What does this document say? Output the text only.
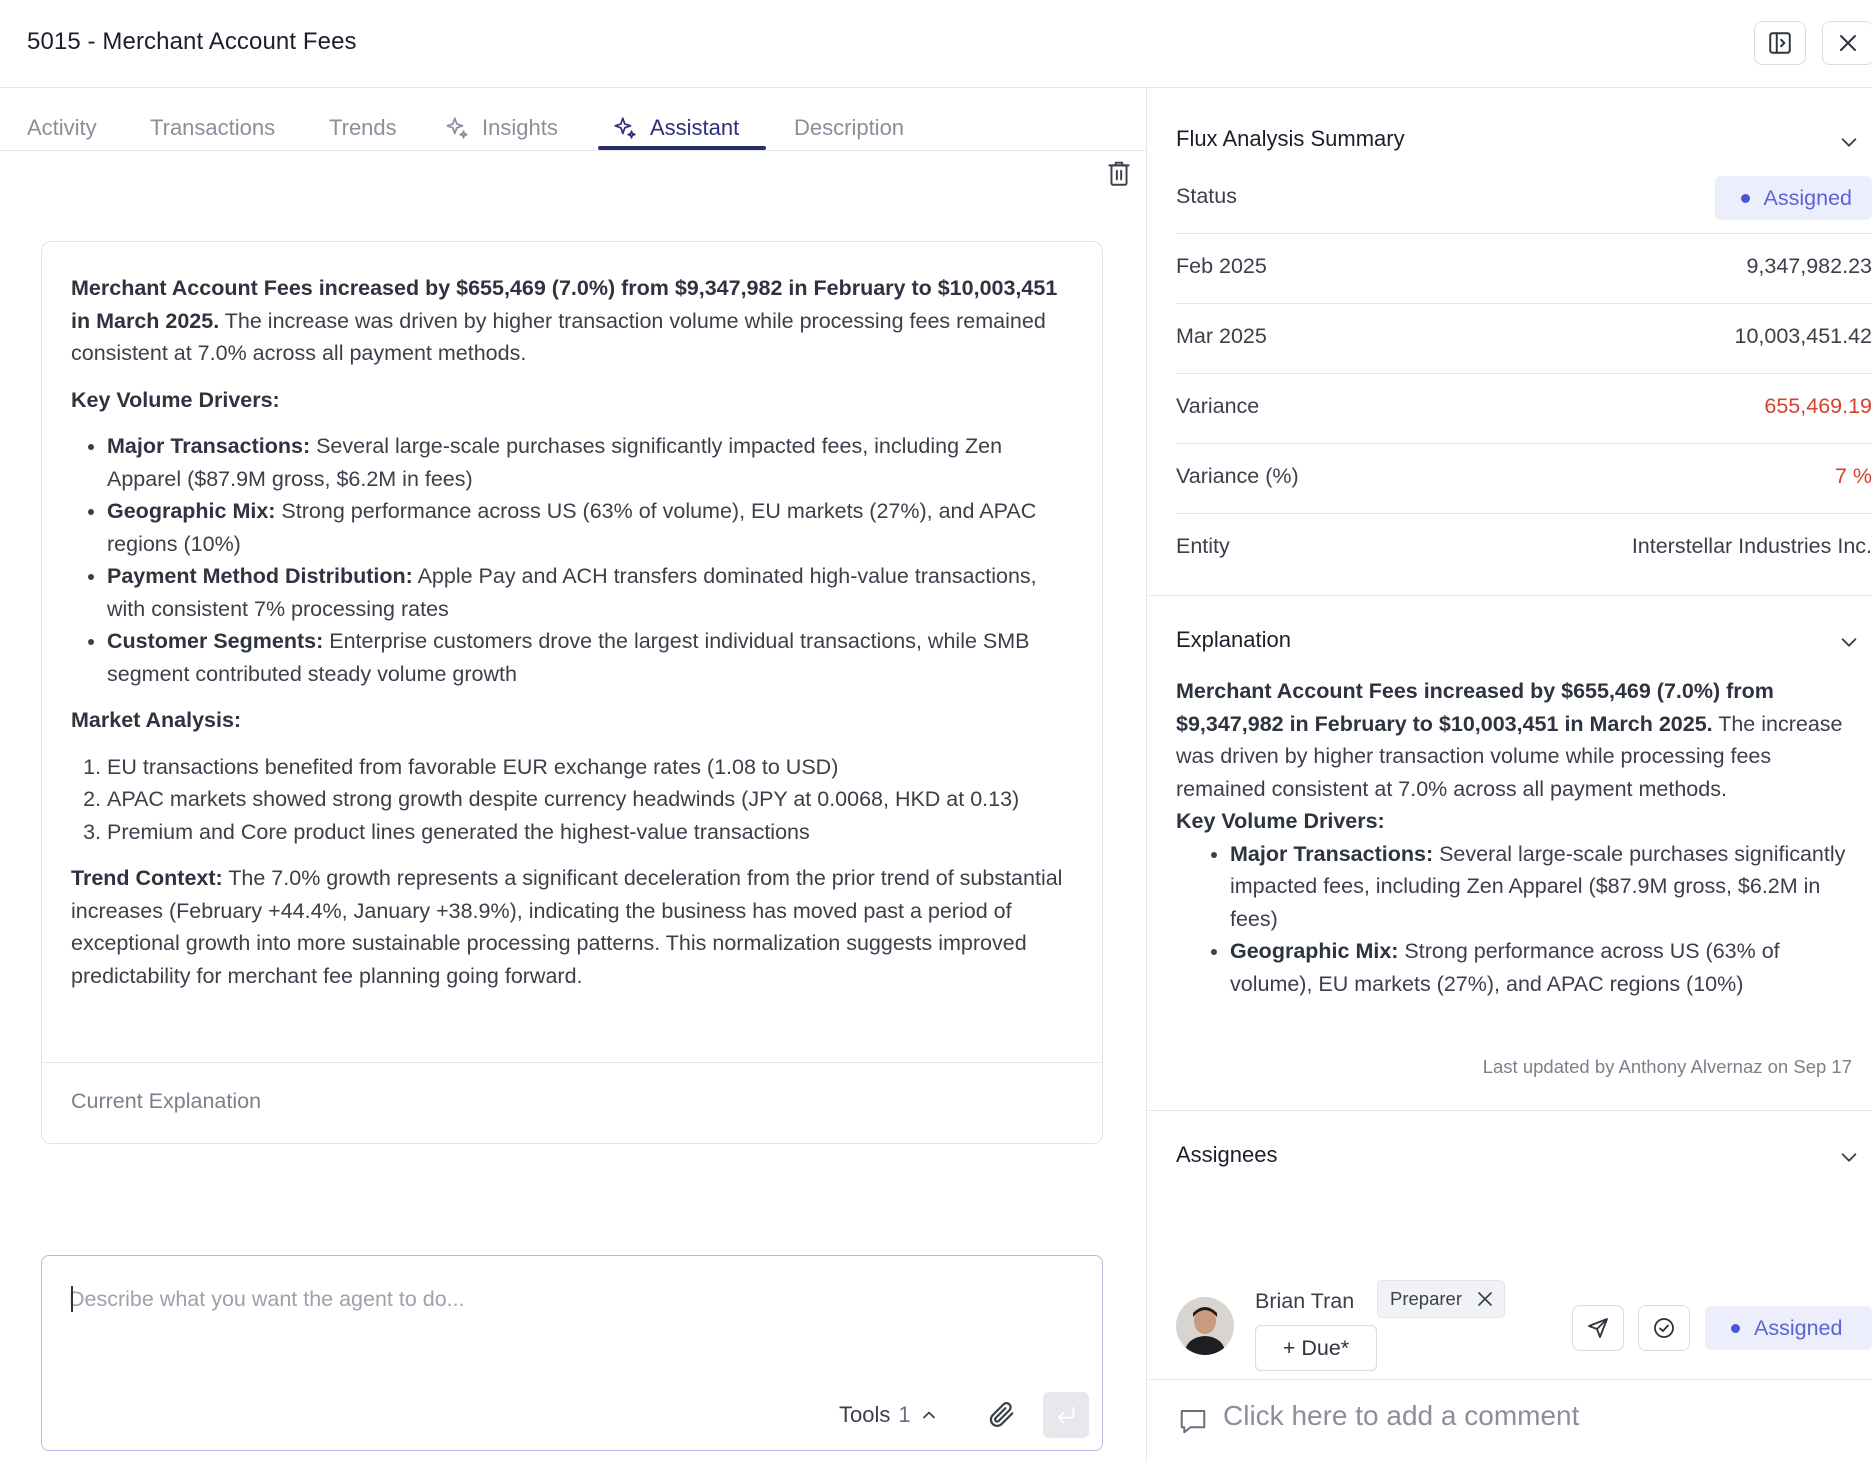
5015 - Merchant Account Fees
Activity Transactions Trends	Insights	Assistant Description

Merchant Account Fees increased by $655,469 (7.0%) from $9,347,982 in February to $10,003,451 in March 2025. The increase was driven by higher transaction volume while processing fees remained consistent at 7.0% across all payment methods.

Key Volume Drivers:

• Major Transactions: Several large-scale purchases significantly impacted fees, including Zen Apparel ($87.9M gross, $6.2M in fees)
• Geographic Mix: Strong performance across US (63% of volume), EU markets (27%), and APAC regions (10%)
• Payment Method Distribution: Apple Pay and ACH transfers dominated high-value transactions, with consistent 7% processing rates
• Customer Segments: Enterprise customers drove the largest individual transactions, while SMB segment contributed steady volume growth

Market Analysis:

1. EU transactions benefited from favorable EUR exchange rates (1.08 to USD)
2. APAC markets showed strong growth despite currency headwinds (JPY at 0.0068, HKD at 0.13)
3. Premium and Core product lines generated the highest-value transactions

Trend Context: The 7.0% growth represents a significant deceleration from the prior trend of substantial increases (February +44.4%, January +38.9%), indicating the business has moved past a period of exceptional growth into more sustainable processing patterns. This normalization suggests improved predictability for merchant fee planning going forward.

Current Explanation
Describe what you want the agent to do...
Tools 1
Flux Analysis Summary
Status	Assigned
Feb 2025	9,347,982.23
Mar 2025	10,003,451.42
Variance	655,469.19
Variance (%)	7 %
Entity	Interstellar Industries Inc.
Explanation

Merchant Account Fees increased by $655,469 (7.0%) from $9,347,982 in February to $10,003,451 in March 2025. The increase was driven by higher transaction volume while processing fees remained consistent at 7.0% across all payment methods.

Key Volume Drivers:

• Major Transactions: Several large-scale purchases significantly impacted fees, including Zen Apparel ($87.9M gross, $6.2M in fees)
• Geographic Mix: Strong performance across US (63% of volume), EU markets (27%), and APAC regions (10%)
Last updated by Anthony Alvernaz on Sep 17
Assignees
Brian Tran Preparer
+ Due*
Assigned
Click here to add a comment
